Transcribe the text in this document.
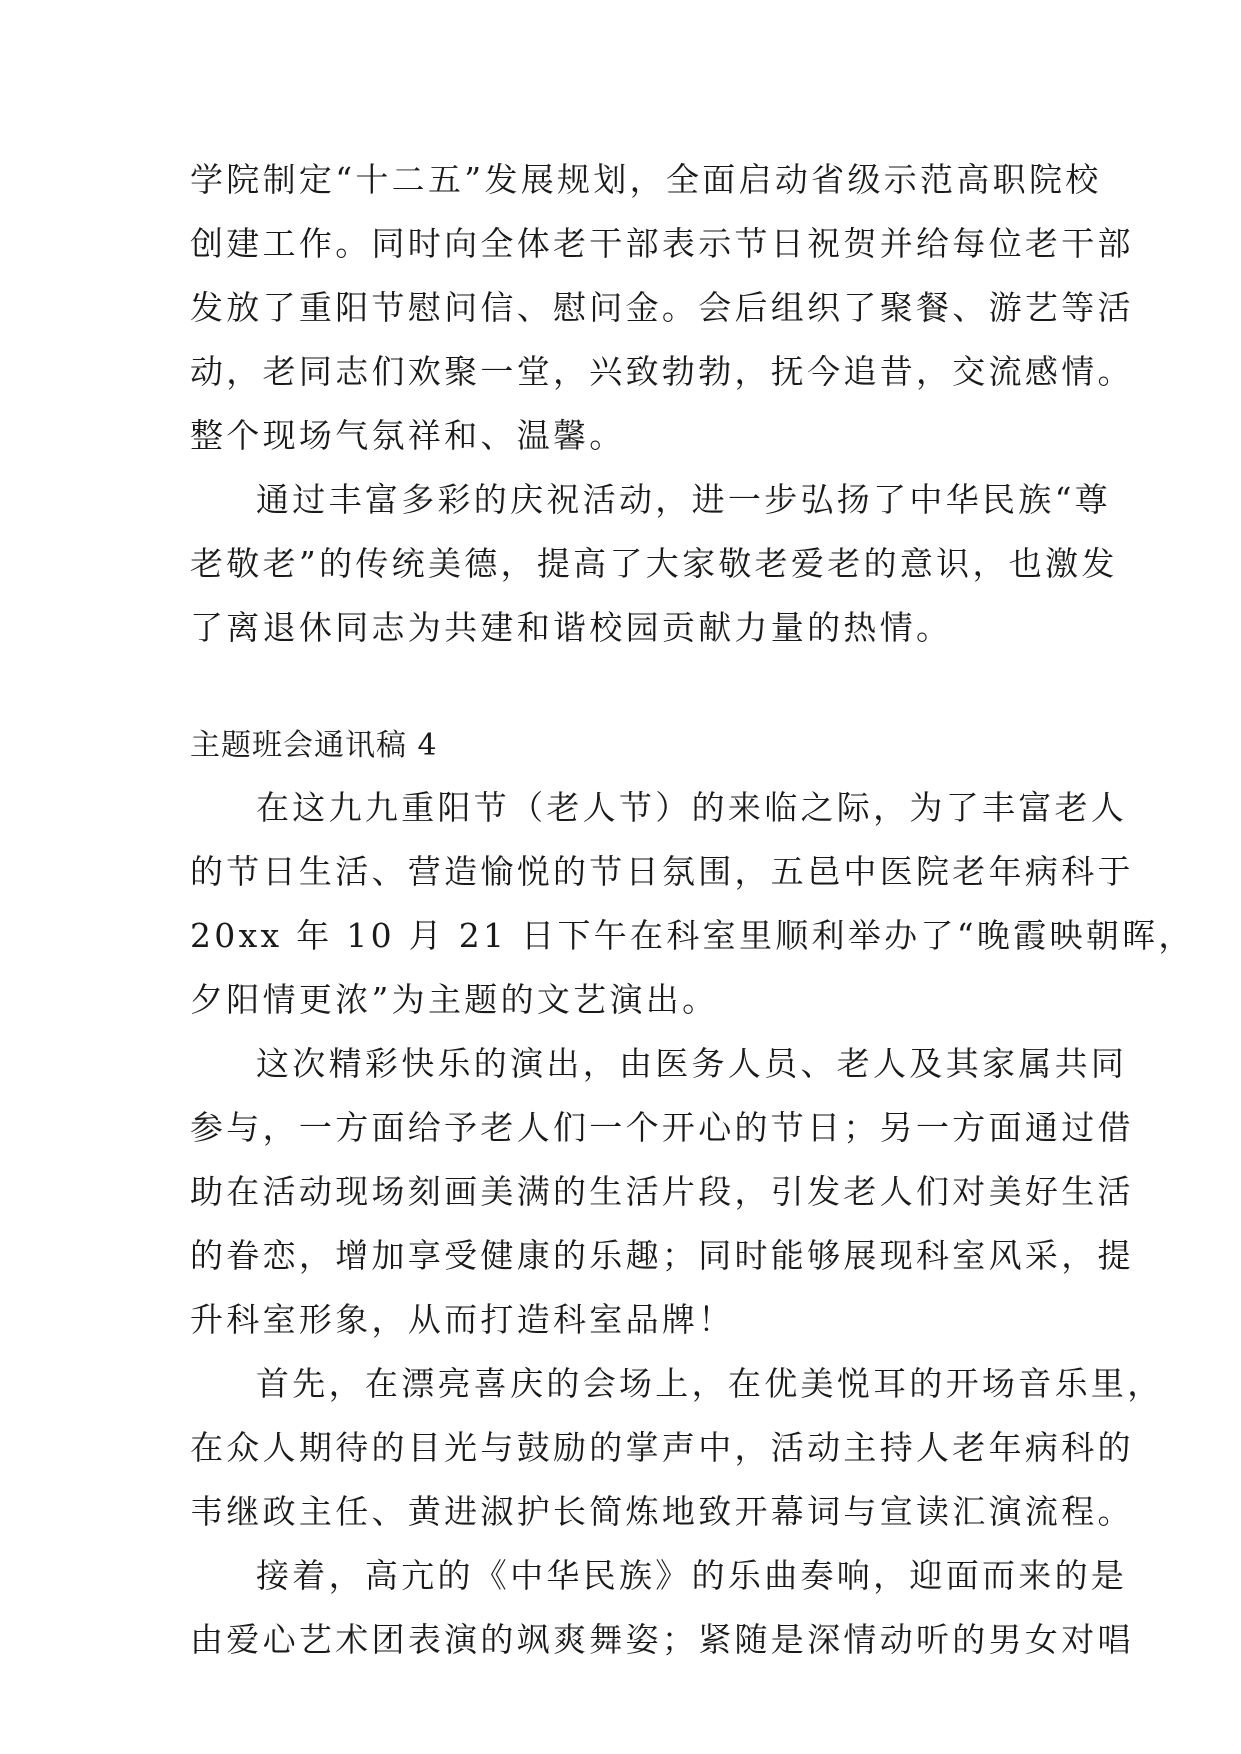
学院制定“十二五”发展规划，全面启动省级示范高职院校
创建工作。同时向全体老干部表示节日祝贺并给每位老干部
发放了重阳节慰问信、慰问金。会后组织了聚餐、游艺等活
动，老同志们欢聚一堂，兴致勃勃，抚今追昔，交流感情。
整个现场气氛祥和、温馨。
通过丰富多彩的庆祝活动，进一步弘扬了中华民族“尊
老敬老”的传统美德，提高了大家敬老爱老的意识，也激发
了离退休同志为共建和谐校园贡献力量的热情。
主题班会通讯稿 4
在这九九重阳节（老人节）的来临之际，为了丰富老人
的节日生活、营造愉悦的节日氛围，五邑中医院老年病科于
20xx 年 10 月 21 日下午在科室里顺利举办了“晚霞映朝晖，
夕阳情更浓”为主题的文艺演出。
这次精彩快乐的演出，由医务人员、老人及其家属共同
参与，一方面给予老人们一个开心的节日；另一方面通过借
助在活动现场刻画美满的生活片段，引发老人们对美好生活
的眷恋，增加享受健康的乐趣；同时能够展现科室风采，提
升科室形象，从而打造科室品牌！
首先，在漂亮喜庆的会场上，在优美悦耳的开场音乐里，
在众人期待的目光与鼓励的掌声中，活动主持人老年病科的
韦继政主任、黄进淑护长简炼地致开幕词与宣读汇演流程。
接着，高亢的《中华民族》的乐曲奏响，迎面而来的是
由爱心艺术团表演的飒爽舞姿；紧随是深情动听的男女对唱
